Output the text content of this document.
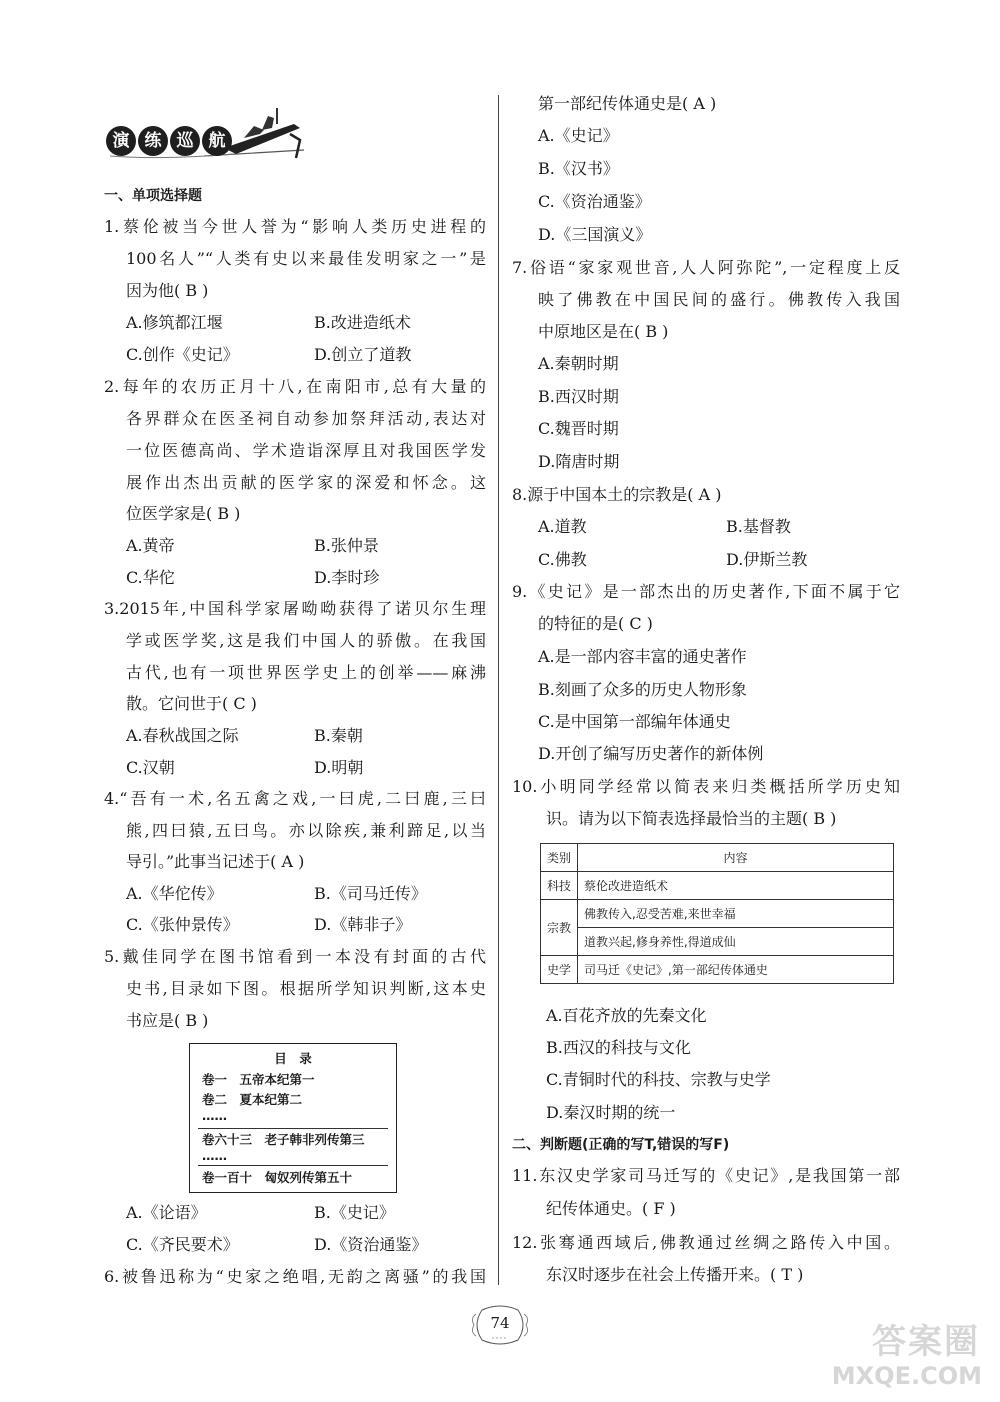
演 练 巡 航
一、单项选择题
1.蔡伦被当今世人誉为“影响人类历史进程的
100名人”“人类有史以来最佳发明家之一”是
因为他( B )
A.修筑都江堰	B.改进造纸术
C.创作《史记》	D.创立了道教
2.每年的农历正月十八,在南阳市,总有大量的
各界群众在医圣祠自动参加祭拜活动,表达对
一位医德高尚、学术造诣深厚且对我国医学发
展作出杰出贡献的医学家的深爱和怀念。这
位医学家是( B )
A.黄帝	B.张仲景
C.华佗	D.李时珍
3.2015年,中国科学家屠呦呦获得了诺贝尔生理
学或医学奖,这是我们中国人的骄傲。在我国
古代,也有一项世界医学史上的创举——麻沸
散。它问世于( C )
A.春秋战国之际	B.秦朝
C.汉朝	D.明朝
4.“吾有一术,名五禽之戏,一曰虎,二曰鹿,三曰
熊,四曰猿,五曰鸟。亦以除疾,兼利蹄足,以当
导引。”此事当记述于( A )
A.《华佗传》	B.《司马迁传》
C.《张仲景传》	D.《韩非子》
5.戴佳同学在图书馆看到一本没有封面的古代
史书,目录如下图。根据所学知识判断,这本史
书应是( B )
A.《论语》	B.《史记》
C.《齐民要术》	D.《资治通鉴》
6.被鲁迅称为“史家之绝唱,无韵之离骚”的我国
第一部纪传体通史是( A )
A.《史记》
B.《汉书》
C.《资治通鉴》
D.《三国演义》
7.俗语“家家观世音,人人阿弥陀”,一定程度上反
映了佛教在中国民间的盛行。佛教传入我国
中原地区是在( B )
A.秦朝时期
B.西汉时期
C.魏晋时期
D.隋唐时期
8.源于中国本土的宗教是( A )
A.道教	B.基督教
C.佛教	D.伊斯兰教
9.《史记》是一部杰出的历史著作,下面不属于它
的特征的是( C )
A.是一部内容丰富的通史著作
B.刻画了众多的历史人物形象
C.是中国第一部编年体通史
D.开创了编写历史著作的新体例
10.小明同学经常以简表来归类概括所学历史知
识。请为以下简表选择最恰当的主题( B )
A.百花齐放的先秦文化
B.西汉的科技与文化
C.青铜时代的科技、宗教与史学
D.秦汉时期的统一
二、判断题(正确的写T,错误的写F)
11.东汉史学家司马迁写的《史记》,是我国第一部
纪传体通史。( F )
12.张骞通西域后,佛教通过丝绸之路传入中国。
东汉时逐步在社会上传播开来。( T )
目　录
卷一　五帝本纪第一
卷二　夏本纪第二
……
卷六十三　老子韩非列传第三
……
卷一百十　匈奴列传第五十
类别	内容
科技	蔡伦改进造纸术
宗教	佛教传入,忍受苦难,来世幸福
	道教兴起,修身养性,得道成仙
史学	司马迁《史记》,第一部纪传体通史
74	答案圈
MXQE.COM
